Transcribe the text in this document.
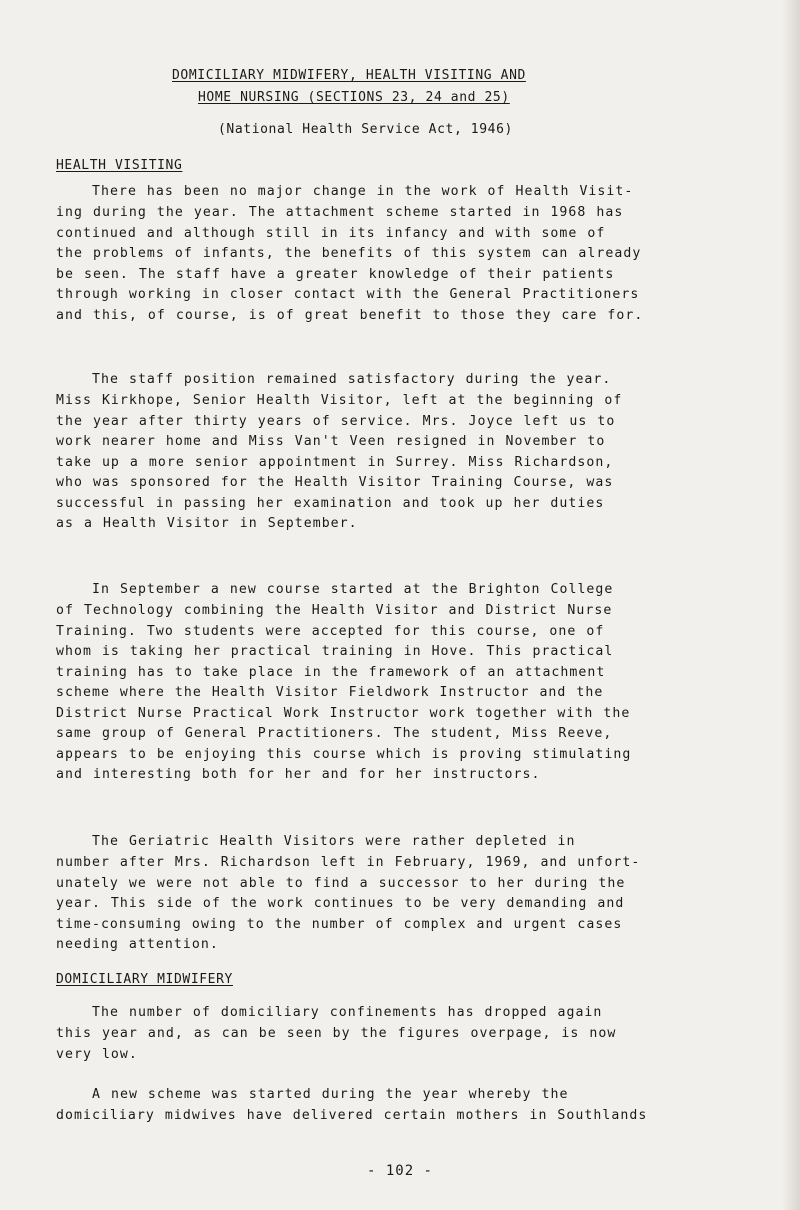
DOMICILIARY MIDWIFERY, HEALTH VISITING AND
HOME NURSING (SECTIONS 23, 24 and 25)
(National Health Service Act, 1946)
HEALTH VISITING
There has been no major change in the work of Health Visit-
ing during the year. The attachment scheme started in 1968 has
continued and although still in its infancy and with some of
the problems of infants, the benefits of this system can already
be seen. The staff have a greater knowledge of their patients
through working in closer contact with the General Practitioners
and this, of course, is of great benefit to those they care for.
The staff position remained satisfactory during the year.
Miss Kirkhope, Senior Health Visitor, left at the beginning of
the year after thirty years of service. Mrs. Joyce left us to
work nearer home and Miss Van't Veen resigned in November to
take up a more senior appointment in Surrey. Miss Richardson,
who was sponsored for the Health Visitor Training Course, was
successful in passing her examination and took up her duties
as a Health Visitor in September.
In September a new course started at the Brighton College
of Technology combining the Health Visitor and District Nurse
Training. Two students were accepted for this course, one of
whom is taking her practical training in Hove. This practical
training has to take place in the framework of an attachment
scheme where the Health Visitor Fieldwork Instructor and the
District Nurse Practical Work Instructor work together with the
same group of General Practitioners. The student, Miss Reeve,
appears to be enjoying this course which is proving stimulating
and interesting both for her and for her instructors.
The Geriatric Health Visitors were rather depleted in
number after Mrs. Richardson left in February, 1969, and unfort-
unately we were not able to find a successor to her during the
year. This side of the work continues to be very demanding and
time-consuming owing to the number of complex and urgent cases
needing attention.
DOMICILIARY MIDWIFERY
The number of domiciliary confinements has dropped again
this year and, as can be seen by the figures overpage, is now
very low.
A new scheme was started during the year whereby the
domiciliary midwives have delivered certain mothers in Southlands
- 102 -
